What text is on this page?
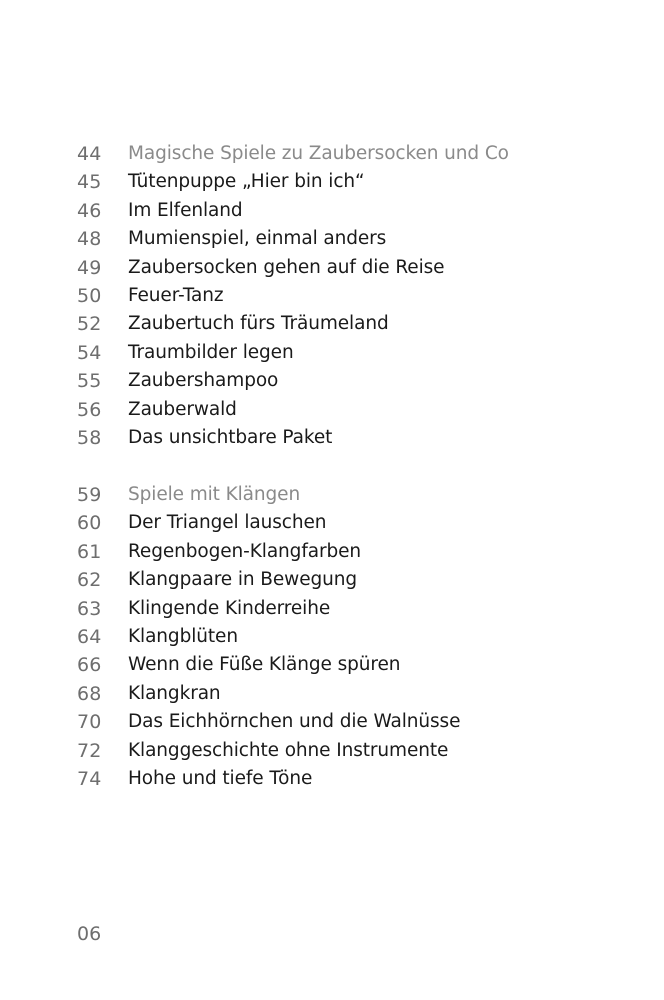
44	Magische Spiele zu Zaubersocken und Co
45	Tütenpuppe „Hier bin ich“
46	Im Elfenland
48	Mumienspiel, einmal anders
49	Zaubersocken gehen auf die Reise
50	Feuer-Tanz
52	Zaubertuch fürs Träumeland
54	Traumbilder legen
55	Zaubershampoo
56	Zauberwald
58	Das unsichtbare Paket
59	Spiele mit Klängen
60	Der Triangel lauschen
61	Regenbogen-Klangfarben
62	Klangpaare in Bewegung
63	Klingende Kinderreihe
64	Klangblüten
66	Wenn die Füße Klänge spüren
68	Klangkran
70	Das Eichhörnchen und die Walnüsse
72	Klanggeschichte ohne Instrumente
74	Hohe und tiefe Töne
06
